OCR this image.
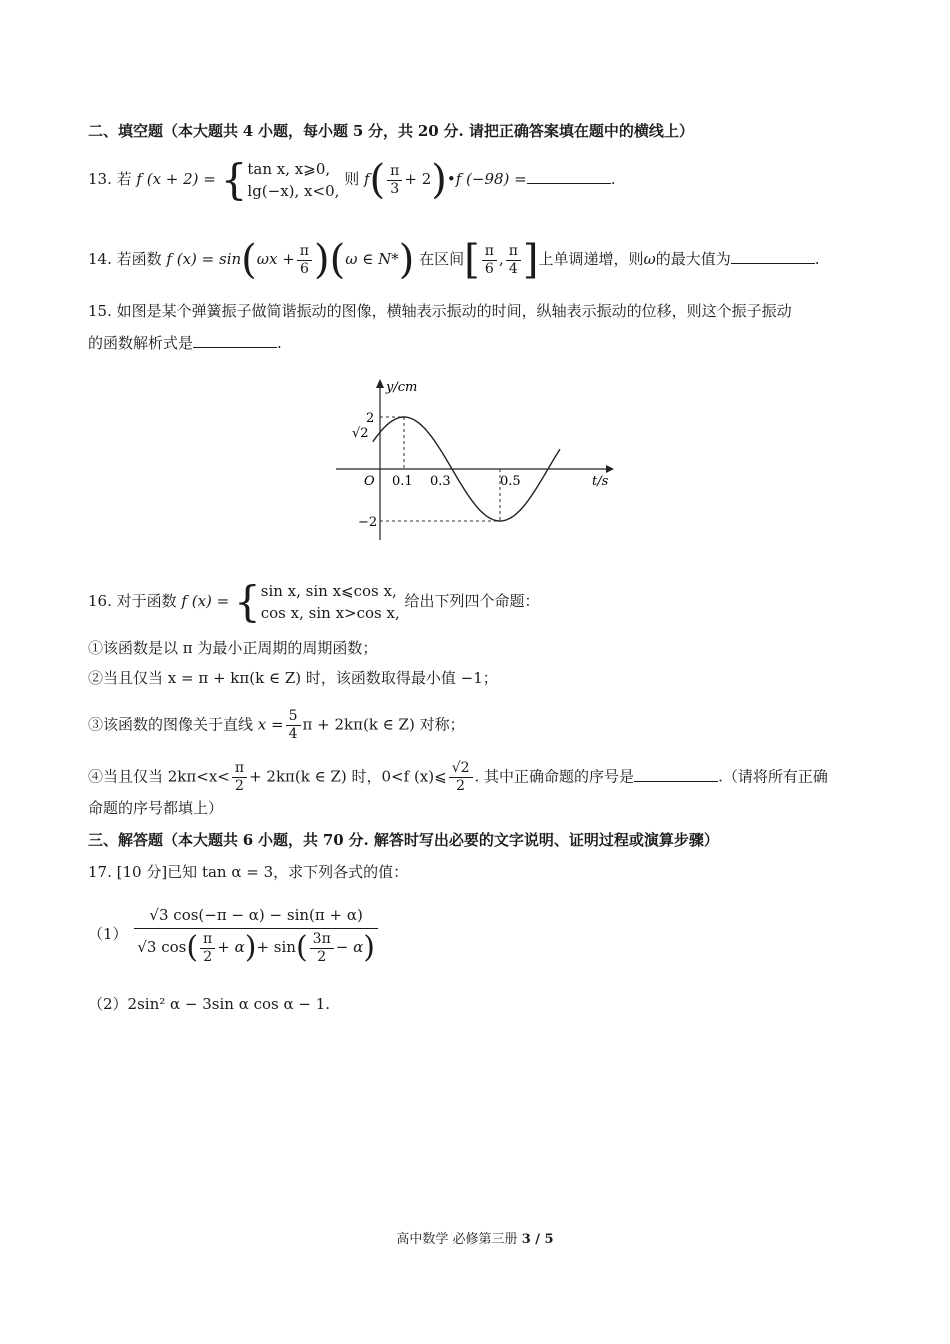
二、填空题（本大题共 4 小题，每小题 5 分，共 20 分. 请把正确答案填在题中的横线上）
13. 若 f (x + 2) = { tan x, x⩾0,
lg(−x), x<0,
则 $f( \frac{\pi}{3}$ + 2)•f (−98) =	.
14. 若函数 f $(x) = \sin(\omega x + \frac{\pi}{6} )(\omega$ ∈ N*) 在区间[ $\frac{\pi}{6}$ , $\frac{\pi}{4}$ ]上单调递增，则ω的最大值为	.
15. 如图是某个弹簧振子做简谐振动的图像，横轴表示振动的时间，纵轴表示振动的位移，则这个振子振动
的函数解析式是	.
y/cm
t/s
O
2
√2
−2
0.1 0.3	0.5
16. 对于函数 f (x) = { sin x, sin x⩽cos x,
cos x, sin x>cos x,
给出下列四个命题：
①该函数是以 π 为最小正周期的周期函数；
②当且仅当 x = π + kπ(k ∈ Z) 时，该函数取得最小值 −1；
③该函数的图像关于直线 $x = \frac{5}{4}$ π + 2kπ(k ∈ Z) 对称；
④当且仅当 $2k\pi<x< \frac{\pi}{2} + 2k\pi(k$ ∈ Z) 时，0<f (x)⩽ $\frac{√2}{2}$ . 其中正确命题的序号是	.（请将所有正确
命题的序号都填上）
三、解答题（本大题共 6 小题，共 70 分. 解答时写出必要的文字说明、证明过程或演算步骤）
17. [10 分]已知 tan α = 3，求下列各式的值：
$(1) \frac{√3 \cos(-\pi - \alpha) - \sin(\pi + \alpha)}{√3 \cos( \frac{\pi}{2} + \alpha)+ \sin( \frac{3\pi}{2} - \alpha)}$
（2）2sin² α − 3sin α cos α − 1.
高中数学 必修第三册 3 / 5
